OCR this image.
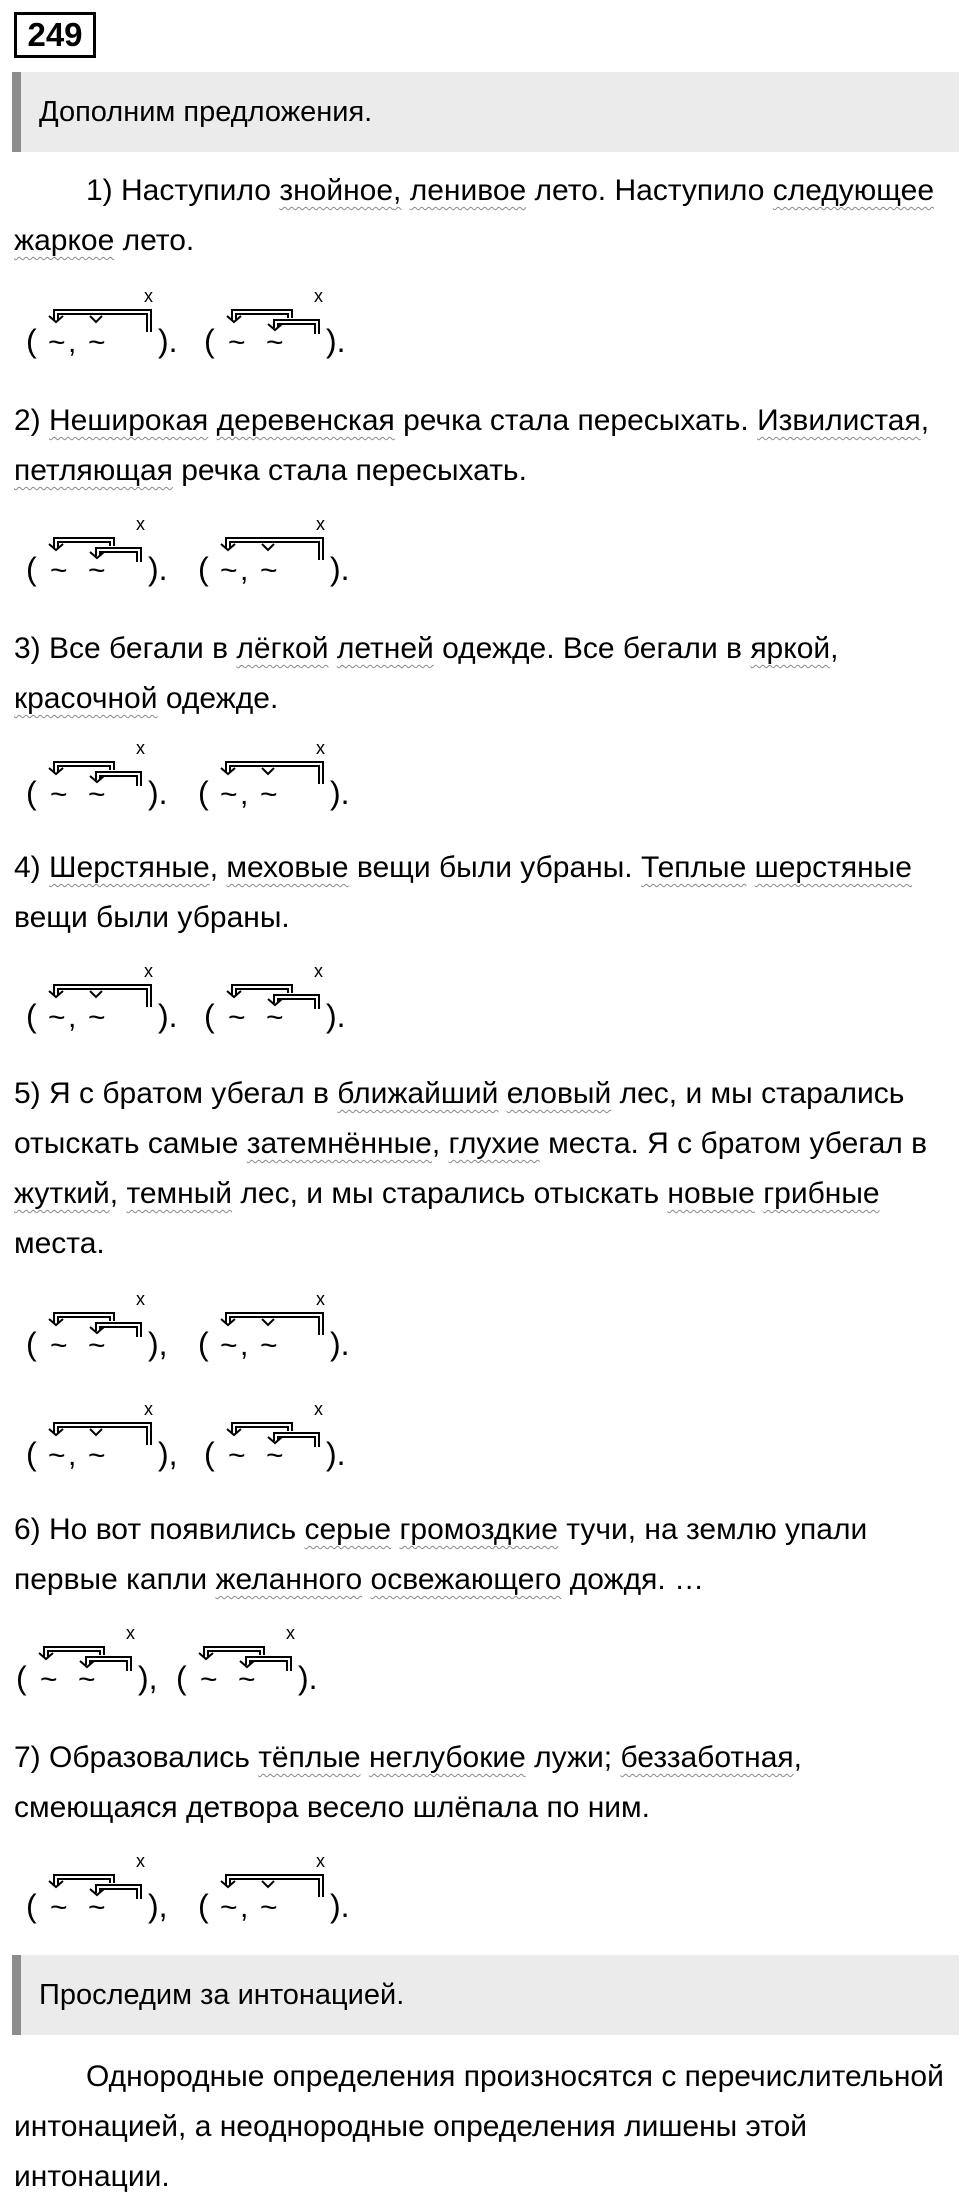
249
Дополним предложения.
1) Наступило знойное, ленивое лето. Наступило следующее жаркое лето.
2) Неширокая деревенская речка стала пересыхать. Извилистая, петляющая речка стала пересыхать.
3) Все бегали в лёгкой летней одежде. Все бегали в яркой, красочной одежде.
4) Шерстяные, меховые вещи были убраны. Теплые шерстяные вещи были убраны.
5) Я с братом убегал в ближайший еловый лес, и мы старались отыскать самые затемнённые, глухие места. Я с братом убегал в жуткий, темный лес, и мы старались отыскать новые грибные места.
6) Но вот появились серые громоздкие тучи, на землю упали первые капли желанного освежающего дождя. …
7) Образовались тёплые неглубокие лужи; беззаботная, смеющаяся детвора весело шлёпала по ним.
( ~ , ~ ).
x
( ~ ~ ).
x
( ~ ~ ).
x
( ~ , ~ ).
x
( ~ ~ ).
x
( ~ , ~ ).
x
( ~ , ~ ).
x
( ~ ~ ).
x
( ~ ~ ),
x
( ~ , ~ ).
x
( ~ , ~ ),
x
( ~ ~ ).
x
( ~ ~ ),
x
( ~ ~ ).
x
( ~ ~ ),
x
( ~ , ~ ).
x
Проследим за интонацией.
Однородные определения произносятся с перечислительной интонацией, а неоднородные определения лишены этой интонации.
